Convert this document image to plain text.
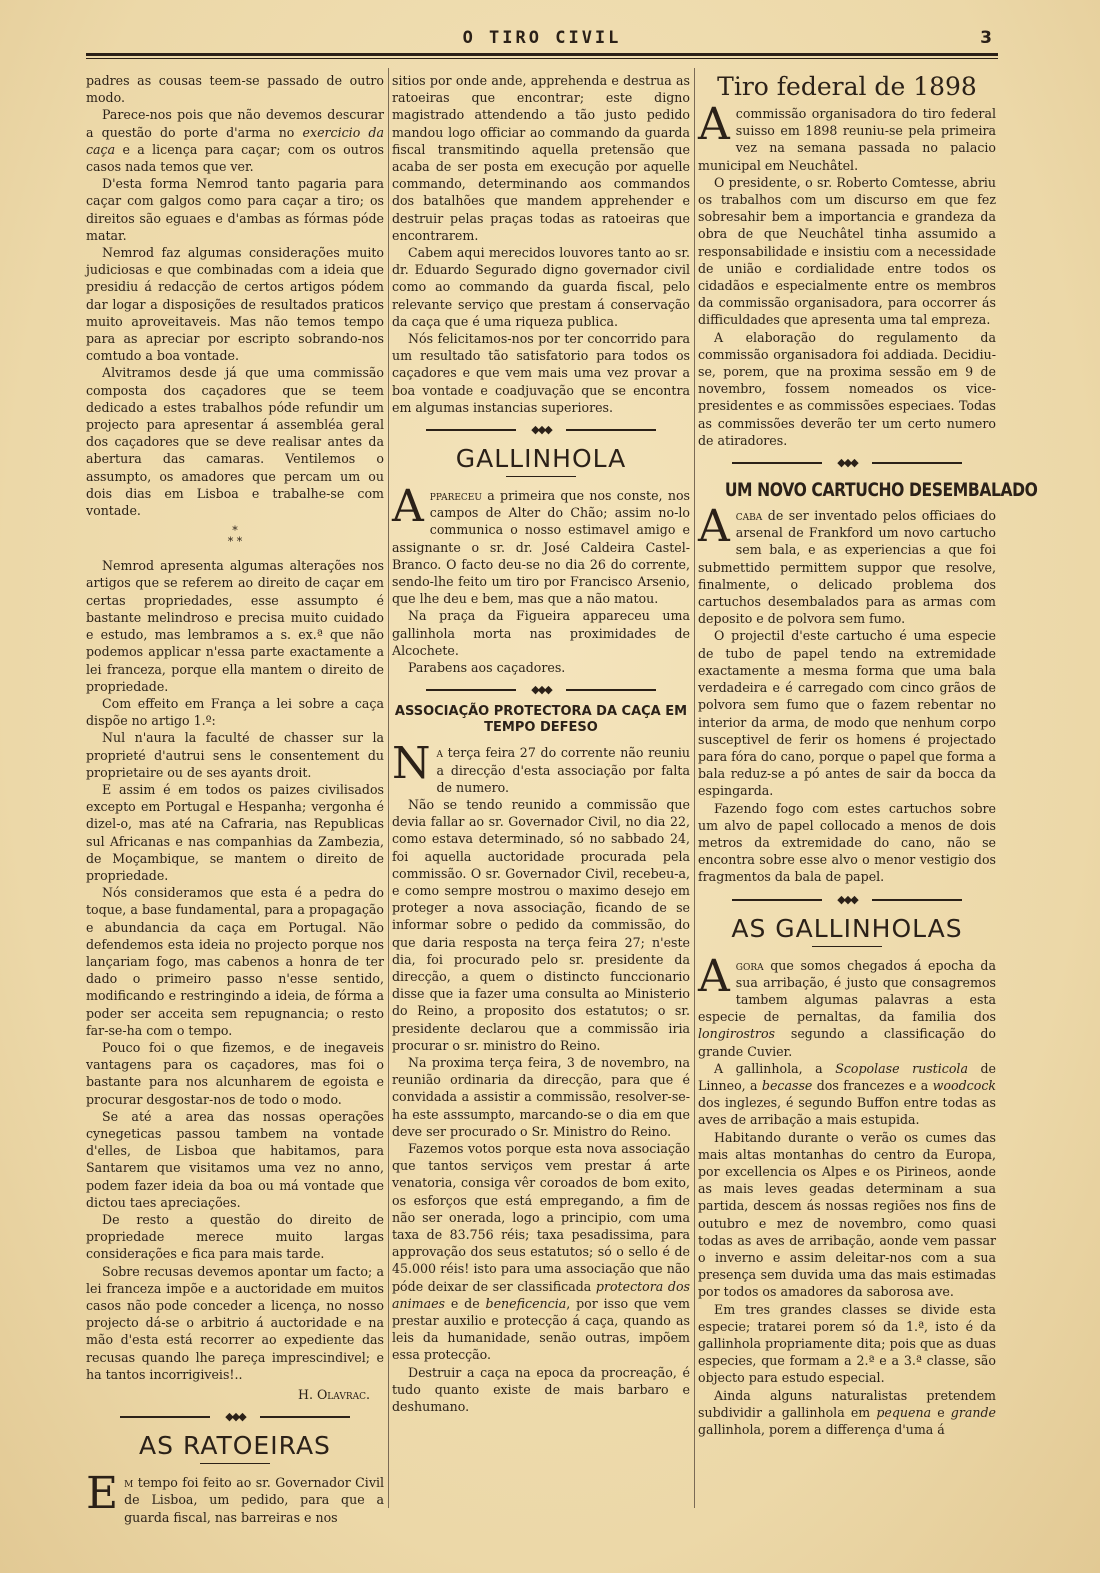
O TIRO CIVIL	3

padres as cousas teem-se passado de outro modo.

Parece-nos pois que não devemos descurar a questão do porte d'arma no exercicio da caça e a licença para caçar; com os outros casos nada temos que ver.

D'esta forma Nemrod tanto pagaria para caçar com galgos como para caçar a tiro; os direitos são eguaes e d'ambas as fórmas póde matar.

Nemrod faz algumas considerações muito judiciosas e que combinadas com a ideia que presidiu á redacção de certos artigos pódem dar logar a disposições de resultados praticos muito aproveitaveis. Mas não temos tempo para as apreciar por escripto sobrando-nos comtudo a boa vontade.

Alvitramos desde já que uma commissão composta dos caçadores que se teem dedicado a estes trabalhos póde refundir um projecto para apresentar á assembléa geral dos caçadores que se deve realisar antes da abertura das camaras. Ventilemos o assumpto, os amadores que percam um ou dois dias em Lisboa e trabalhe-se com vontade.

*
* *

Nemrod apresenta algumas alterações nos artigos que se referem ao direito de caçar em certas propriedades, esse assumpto é bastante melindroso e precisa muito cuidado e estudo, mas lembramos a s. ex.ª que não podemos applicar n'essa parte exactamente a lei franceza, porque ella mantem o direito de propriedade.

Com effeito em França a lei sobre a caça dispõe no artigo 1.º:

Nul n'aura la faculté de chasser sur la proprieté d'autrui sens le consentement du proprietaire ou de ses ayants droit.

E assim é em todos os paizes civilisados excepto em Portugal e Hespanha; vergonha é dizel-o, mas até na Cafraria, nas Republicas sul Africanas e nas companhias da Zambezia, de Moçambique, se mantem o direito de propriedade.

Nós consideramos que esta é a pedra do toque, a base fundamental, para a propagação e abundancia da caça em Portugal. Não defendemos esta ideia no projecto porque nos lançariam fogo, mas cabenos a honra de ter dado o primeiro passo n'esse sentido, modificando e restringindo a ideia, de fórma a poder ser acceita sem repugnancia; o resto far-se-ha com o tempo.

Pouco foi o que fizemos, e de inegaveis vantagens para os caçadores, mas foi o bastante para nos alcunharem de egoista e procurar desgostar-nos de todo o modo.

Se até a area das nossas operações cynegeticas passou tambem na vontade d'elles, de Lisboa que habitamos, para Santarem que visitamos uma vez no anno, podem fazer ideia da boa ou má vontade que dictou taes apreciações.

De resto a questão do direito de propriedade merece muito largas considerações e fica para mais tarde.

Sobre recusas devemos apontar um facto; a lei franceza impõe e a auctoridade em muitos casos não pode conceder a licença, no nosso projecto dá-se o arbitrio á auctoridade e na mão d'esta está recorrer ao expediente das recusas quando lhe pareça imprescindivel; e ha tantos incorrigiveis!..

H. Olavrac.

◆◆◆
AS RATOEIRAS

Em tempo foi feito ao sr. Governador Civil de Lisboa, um pedido, para que a guarda fiscal, nas barreiras e nos

sitios por onde ande, apprehenda e destrua as ratoeiras que encontrar; este digno magistrado attendendo a tão justo pedido mandou logo officiar ao commando da guarda fiscal transmitindo aquella pretensão que acaba de ser posta em execução por aquelle commando, determinando aos commandos dos batalhões que mandem apprehender e destruir pelas praças todas as ratoeiras que encontrarem.

Cabem aqui merecidos louvores tanto ao sr. dr. Eduardo Segurado digno governador civil como ao commando da guarda fiscal, pelo relevante serviço que prestam á conservação da caça que é uma riqueza publica.

Nós felicitamos-nos por ter concorrido para um resultado tão satisfatorio para todos os caçadores e que vem mais uma vez provar a boa vontade e coadjuvação que se encontra em algumas instancias superiores.

◆◆◆
GALLINHOLA

Appareceu a primeira que nos conste, nos campos de Alter do Chão; assim no-lo communica o nosso estimavel amigo e assignante o sr. dr. José Caldeira Castel-Branco. O facto deu-se no dia 26 do corrente, sendo-lhe feito um tiro por Francisco Arsenio, que lhe deu e bem, mas que a não matou.

Na praça da Figueira appareceu uma gallinhola morta nas proximidades de Alcochete.

Parabens aos caçadores.

◆◆◆
ASSOCIAÇÃO PROTECTORA DA CAÇA EM TEMPO DEFESO

Na terça feira 27 do corrente não reuniu a direcção d'esta associação por falta de numero.

Não se tendo reunido a commissão que devia fallar ao sr. Governador Civil, no dia 22, como estava determinado, só no sabbado 24, foi aquella auctoridade procurada pela commissão. O sr. Governador Civil, recebeu-a, e como sempre mostrou o maximo desejo em proteger a nova associação, ficando de se informar sobre o pedido da commissão, do que daria resposta na terça feira 27; n'este dia, foi procurado pelo sr. presidente da direcção, a quem o distincto funccionario disse que ia fazer uma consulta ao Ministerio do Reino, a proposito dos estatutos; o sr. presidente declarou que a commissão iria procurar o sr. ministro do Reino.

Na proxima terça feira, 3 de novembro, na reunião ordinaria da direcção, para que é convidada a assistir a commissão, resolver-se-ha este asssumpto, marcando-se o dia em que deve ser procurado o Sr. Ministro do Reino.

Fazemos votos porque esta nova associação que tantos serviços vem prestar á arte venatoria, consiga vêr coroados de bom exito, os esforços que está empregando, a fim de não ser onerada, logo a principio, com uma taxa de 83.756 réis; taxa pesadissima, para approvação dos seus estatutos; só o sello é de 45.000 réis! isto para uma associação que não póde deixar de ser classificada protectora dos animaes e de beneficencia, por isso que vem prestar auxilio e protecção á caça, quando as leis da humanidade, senão outras, impõem essa protecção.

Destruir a caça na epoca da procreação, é tudo quanto existe de mais barbaro e deshumano.

Tiro federal de 1898

A commissão organisadora do tiro federal suisso em 1898 reuniu-se pela primeira vez na semana passada no palacio municipal em Neuchâtel.

O presidente, o sr. Roberto Comtesse, abriu os trabalhos com um discurso em que fez sobresahir bem a importancia e grandeza da obra de que Neuchâtel tinha assumido a responsabilidade e insistiu com a necessidade de união e cordialidade entre todos os cidadãos e especialmente entre os membros da commissão organisadora, para occorrer ás difficuldades que apresenta uma tal empreza.

A elaboração do regulamento da commissão organisadora foi addiada. Decidiu-se, porem, que na proxima sessão em 9 de novembro, fossem nomeados os vice-presidentes e as commissões especiaes. Todas as commissões deverão ter um certo numero de atiradores.

◆◆◆
UM NOVO CARTUCHO DESEMBALADO

Acaba de ser inventado pelos officiaes do arsenal de Frankford um novo cartucho sem bala, e as experiencias a que foi submettido permittem suppor que resolve, finalmente, o delicado problema dos cartuchos desembalados para as armas com deposito e de polvora sem fumo.

O projectil d'este cartucho é uma especie de tubo de papel tendo na extremidade exactamente a mesma forma que uma bala verdadeira e é carregado com cinco grãos de polvora sem fumo que o fazem rebentar no interior da arma, de modo que nenhum corpo susceptivel de ferir os homens é projectado para fóra do cano, porque o papel que forma a bala reduz-se a pó antes de sair da bocca da espingarda.

Fazendo fogo com estes cartuchos sobre um alvo de papel collocado a menos de dois metros da extremidade do cano, não se encontra sobre esse alvo o menor vestigio dos fragmentos da bala de papel.

◆◆◆
AS GALLINHOLAS

Agora que somos chegados á epocha da sua arribação, é justo que consagremos tambem algumas palavras a esta especie de pernaltas, da familia dos longirostros segundo a classificação do grande Cuvier.

A gallinhola, a Scopolase rusticola de Linneo, a becasse dos francezes e a woodcock dos inglezes, é segundo Buffon entre todas as aves de arribação a mais estupida.

Habitando durante o verão os cumes das mais altas montanhas do centro da Europa, por excellencia os Alpes e os Pirineos, aonde as mais leves geadas determinam a sua partida, descem ás nossas regiões nos fins de outubro e mez de novembro, como quasi todas as aves de arribação, aonde vem passar o inverno e assim deleitar-nos com a sua presença sem duvida uma das mais estimadas por todos os amadores da saborosa ave.

Em tres grandes classes se divide esta especie; tratarei porem só da 1.ª, isto é da gallinhola propriamente dita; pois que as duas especies, que formam a 2.ª e a 3.ª classe, são objecto para estudo especial.

Ainda alguns naturalistas pretendem subdividir a gallinhola em pequena e grande gallinhola, porem a differença d'uma á
